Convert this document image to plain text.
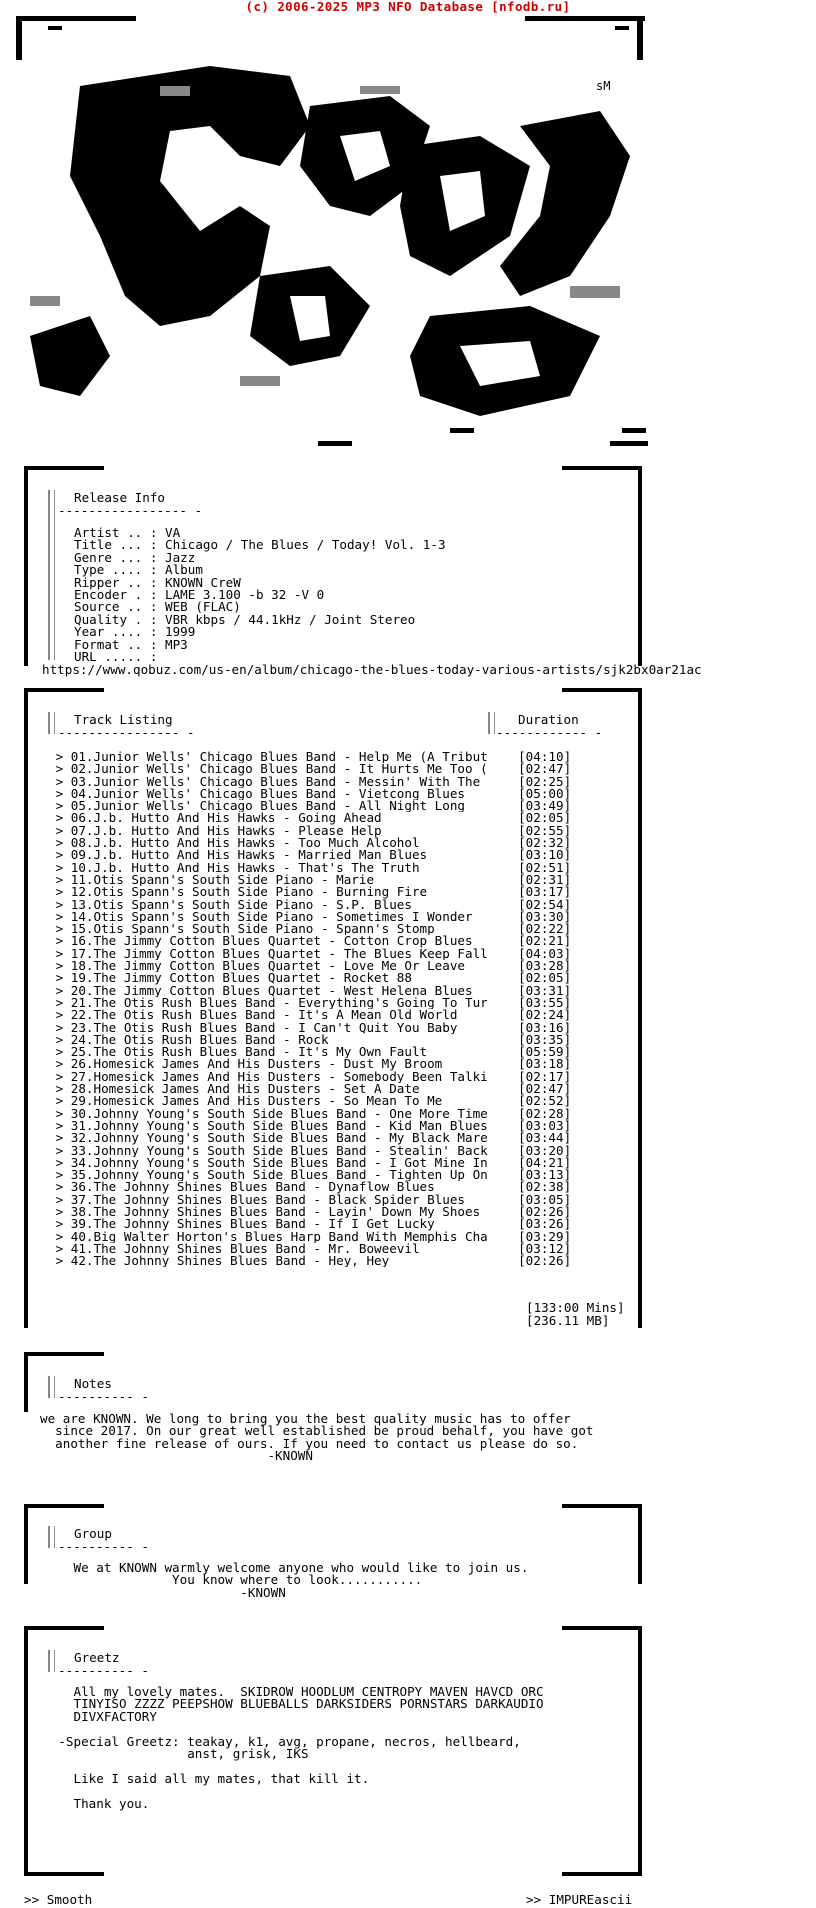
(c) 2006-2025 MP3 NFO Database [nfodb.ru]
sM
Release Info
----------------- -
Artist .. : VA
Title ... : Chicago / The Blues / Today! Vol. 1-3
Genre ... : Jazz
Type .... : Album
Ripper .. : KNOWN CreW
Encoder . : LAME 3.100 -b 32 -V 0
Source .. : WEB (FLAC)
Quality . : VBR kbps / 44.1kHz / Joint Stereo
Year .... : 1999
Format .. : MP3
URL ..... :
https://www.qobuz.com/us-en/album/chicago-the-blues-today-various-artists/sjk2bx0ar21ac
Track Listing	Duration
---------------- -	------------ -
> 01.Junior Wells' Chicago Blues Band - Help Me (A Tribut    [04:10]
> 02.Junior Wells' Chicago Blues Band - It Hurts Me Too (    [02:47]
> 03.Junior Wells' Chicago Blues Band - Messin' With The     [02:25]
> 04.Junior Wells' Chicago Blues Band - Vietcong Blues       [05:00]
> 05.Junior Wells' Chicago Blues Band - All Night Long       [03:49]
> 06.J.b. Hutto And His Hawks - Going Ahead                  [02:05]
> 07.J.b. Hutto And His Hawks - Please Help                  [02:55]
> 08.J.b. Hutto And His Hawks - Too Much Alcohol             [02:32]
> 09.J.b. Hutto And His Hawks - Married Man Blues            [03:10]
> 10.J.b. Hutto And His Hawks - That's The Truth             [02:51]
> 11.Otis Spann's South Side Piano - Marie                   [02:31]
> 12.Otis Spann's South Side Piano - Burning Fire            [03:17]
> 13.Otis Spann's South Side Piano - S.P. Blues              [02:54]
> 14.Otis Spann's South Side Piano - Sometimes I Wonder      [03:30]
> 15.Otis Spann's South Side Piano - Spann's Stomp           [02:22]
> 16.The Jimmy Cotton Blues Quartet - Cotton Crop Blues      [02:21]
> 17.The Jimmy Cotton Blues Quartet - The Blues Keep Fall    [04:03]
> 18.The Jimmy Cotton Blues Quartet - Love Me Or Leave       [03:28]
> 19.The Jimmy Cotton Blues Quartet - Rocket 88              [02:05]
> 20.The Jimmy Cotton Blues Quartet - West Helena Blues      [03:31]
> 21.The Otis Rush Blues Band - Everything's Going To Tur    [03:55]
> 22.The Otis Rush Blues Band - It's A Mean Old World        [02:24]
> 23.The Otis Rush Blues Band - I Can't Quit You Baby        [03:16]
> 24.The Otis Rush Blues Band - Rock                         [03:35]
> 25.The Otis Rush Blues Band - It's My Own Fault            [05:59]
> 26.Homesick James And His Dusters - Dust My Broom          [03:18]
> 27.Homesick James And His Dusters - Somebody Been Talki    [02:17]
> 28.Homesick James And His Dusters - Set A Date             [02:47]
> 29.Homesick James And His Dusters - So Mean To Me          [02:52]
> 30.Johnny Young's South Side Blues Band - One More Time    [02:28]
> 31.Johnny Young's South Side Blues Band - Kid Man Blues    [03:03]
> 32.Johnny Young's South Side Blues Band - My Black Mare    [03:44]
> 33.Johnny Young's South Side Blues Band - Stealin' Back    [03:20]
> 34.Johnny Young's South Side Blues Band - I Got Mine In    [04:21]
> 35.Johnny Young's South Side Blues Band - Tighten Up On    [03:13]
> 36.The Johnny Shines Blues Band - Dynaflow Blues           [02:38]
> 37.The Johnny Shines Blues Band - Black Spider Blues       [03:05]
> 38.The Johnny Shines Blues Band - Layin' Down My Shoes     [02:26]
> 39.The Johnny Shines Blues Band - If I Get Lucky           [03:26]
> 40.Big Walter Horton's Blues Harp Band With Memphis Cha    [03:29]
> 41.The Johnny Shines Blues Band - Mr. Boweevil             [03:12]
> 42.The Johnny Shines Blues Band - Hey, Hey                 [02:26]
[133:00 Mins]
[236.11 MB]
Notes
---------- -
we are KNOWN. We long to bring you the best quality music has to offer
since 2017. On our great well established be proud behalf, you have got
another fine release of ours. If you need to contact us please do so.
-KNOWN
Group
---------- -
We at KNOWN warmly welcome anyone who would like to join us.
You know where to look...........
-KNOWN
Greetz
---------- -
All my lovely mates.  SKIDROW HOODLUM CENTROPY MAVEN HAVCD ORC
TINYISO ZZZZ PEEPSHOW BLUEBALLS DARKSIDERS PORNSTARS DARKAUDIO
DIVXFACTORY

-Special Greetz: teakay, k1, avg, propane, necros, hellbeard,
anst, grisk, IKS

Like I said all my mates, that kill it.

Thank you.
>> Smooth	>> IMPUREascii
